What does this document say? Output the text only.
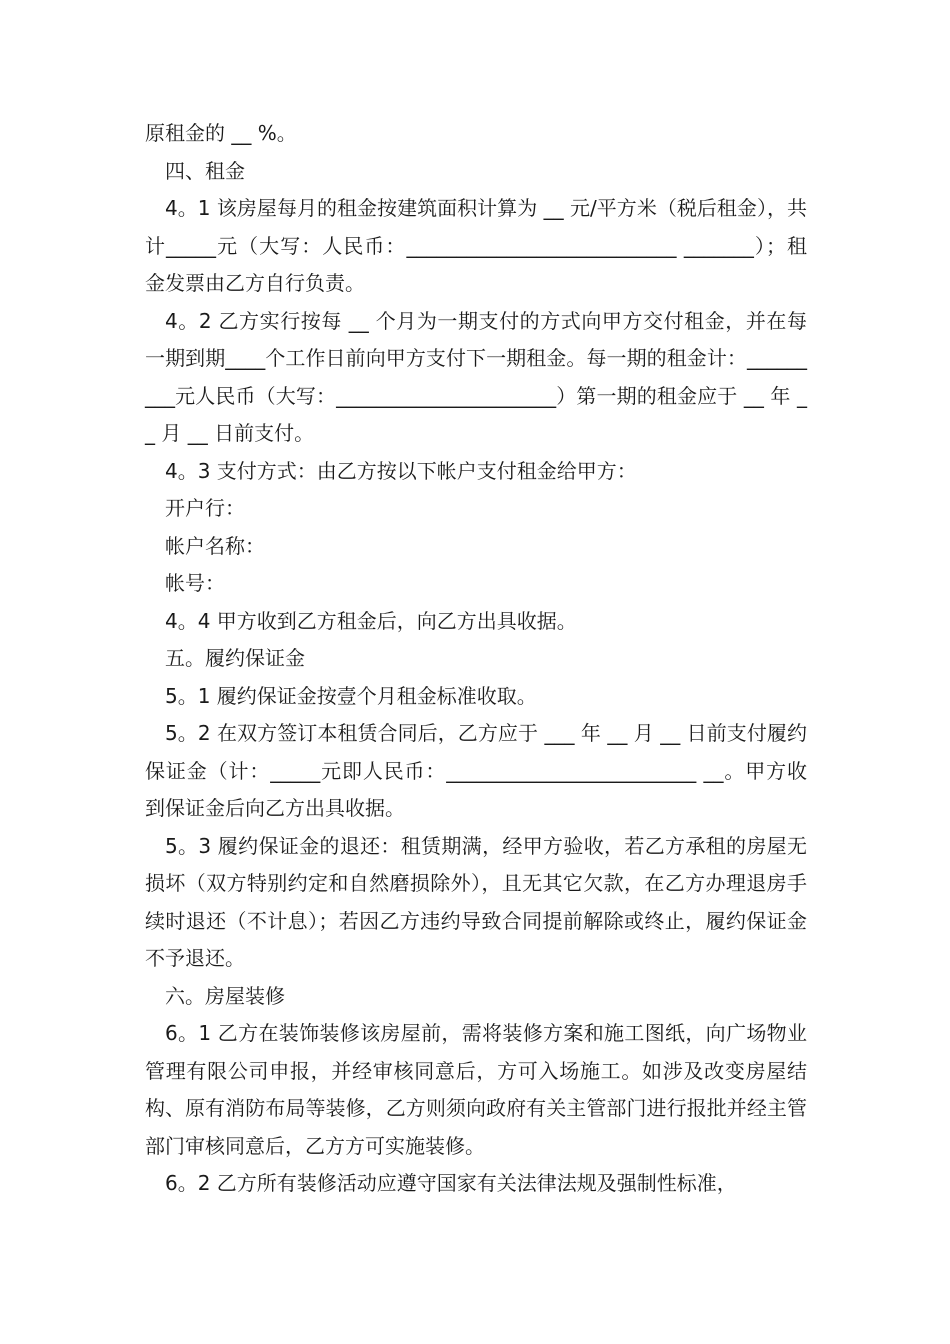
原租金的 __ %。

四、租金

4。1 该房屋每月的租金按建筑面积计算为 __ 元/平方米（税后租金），共计_____元（大写：人民币：___________________________ _______）；租金发票由乙方自行负责。

4。2 乙方实行按每 __ 个月为一期支付的方式向甲方交付租金，并在每一期到期____个工作日前向甲方支付下一期租金。每一期的租金计：_________元人民币（大写：______________________）第一期的租金应于 __ 年 __ 月 __ 日前支付。

4。3 支付方式：由乙方按以下帐户支付租金给甲方：

开户行：

帐户名称：

帐号：

4。4 甲方收到乙方租金后，向乙方出具收据。

五。履约保证金

5。1 履约保证金按壹个月租金标准收取。

5。2 在双方签订本租赁合同后，乙方应于 ___ 年 __ 月 __ 日前支付履约保证金（计：_____元即人民币：_________________________ __。甲方收到保证金后向乙方出具收据。

5。3 履约保证金的退还：租赁期满，经甲方验收，若乙方承租的房屋无损坏（双方特别约定和自然磨损除外），且无其它欠款，在乙方办理退房手续时退还（不计息）；若因乙方违约导致合同提前解除或终止，履约保证金不予退还。

六。房屋装修

6。1 乙方在装饰装修该房屋前，需将装修方案和施工图纸，向广场物业管理有限公司申报，并经审核同意后，方可入场施工。如涉及改变房屋结构、原有消防布局等装修，乙方则须向政府有关主管部门进行报批并经主管部门审核同意后，乙方方可实施装修。

6。2 乙方所有装修活动应遵守国家有关法律法规及强制性标准，
